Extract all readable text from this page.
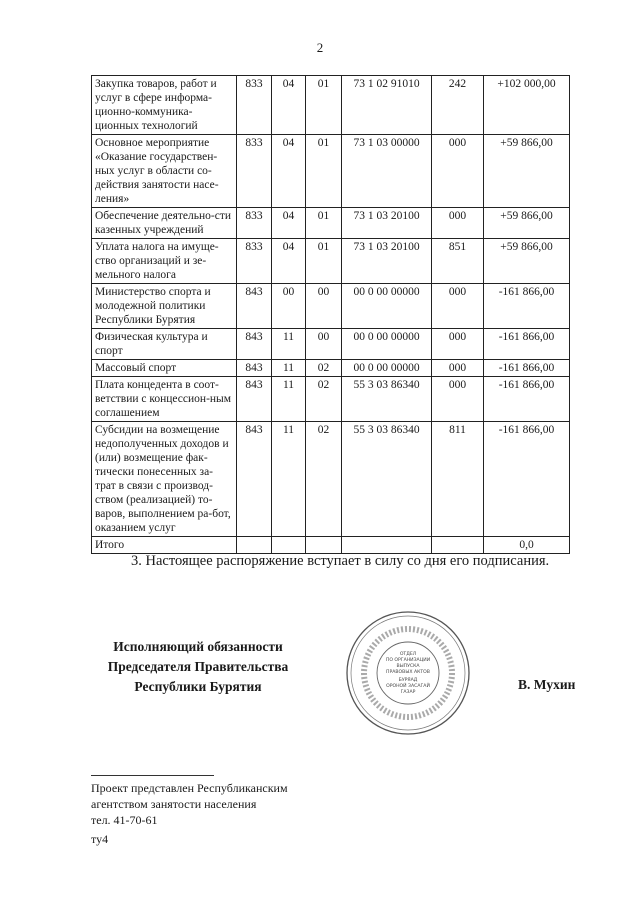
2
Закупка товаров, работ и услуг в сфере информа-ционно-коммуника-ционных технологий	833	04	01	73 1 02 91010	242	+102 000,00
Основное мероприятие «Оказание государствен-ных услуг в области со-действия занятости насе-ления»	833	04	01	73 1 03 00000	000	+59 866,00
Обеспечение деятельно-сти казенных учреждений	833	04	01	73 1 03 20100	000	+59 866,00
Уплата налога на имуще-ство организаций и зе-мельного налога	833	04	01	73 1 03 20100	851	+59 866,00
Министерство спорта и молодежной политики Республики Бурятия	843	00	00	00 0 00 00000	000	-161 866,00
Физическая культура и спорт	843	11	00	00 0 00 00000	000	-161 866,00
Массовый спорт	843	11	02	00 0 00 00000	000	-161 866,00
Плата концедента в соот-ветствии с концессион-ным соглашением	843	11	02	55 3 03 86340	000	-161 866,00
Субсидии на возмещение недополученных доходов и (или) возмещение фак-тически понесенных за-трат в связи с производ-ством (реализацией) то-варов, выполнением ра-бот, оказанием услуг	843	11	02	55 3 03 86340	811	-161 866,00
Итого						0,0
3. Настоящее распоряжение вступает в силу со дня его подписания.
Исполняющий обязанности
Председателя Правительства
Республики Бурятия
ОТДЕЛ
ПО ОРГАНИЗАЦИИ
ВЫПУСКА
ПРАВОВЫХ АКТОВ
БУРЯАД
ОРОНОЙ ЗАСАГАЙ
ГАЗАР
В. Мухин
Проект представлен Республиканским
агентством занятости населения
тел. 41-70-61
ту4
